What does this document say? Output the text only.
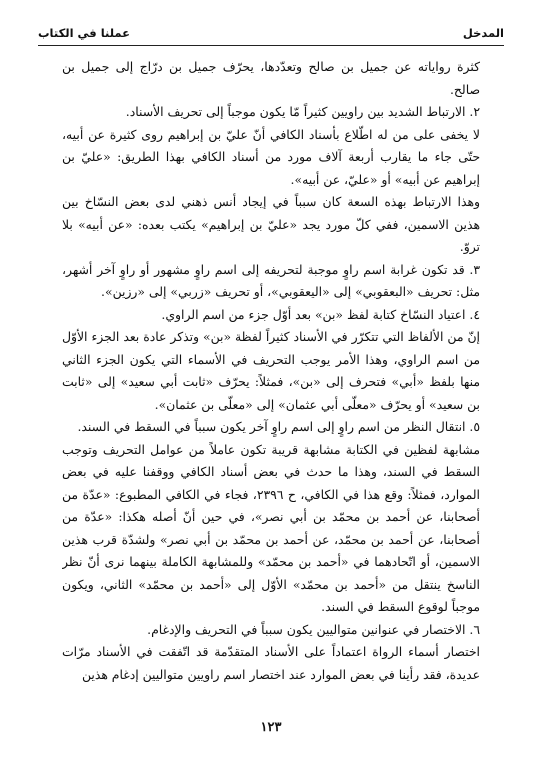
المدخل
عملنا في الكتاب

كثرة رواياته عن جميل بن صالح وتعدّدها، يحرّف جميل بن درّاج إلى جميل بن صالح.

٢. الارتباط الشديد بين راويين كثيراً مّا يكون موجباً إلى تحريف الأسناد.

لا يخفى على من له اطّلاع بأسناد الكافي أنّ عليّ بن إبراهيم روى كثيرة عن أبيه، حتّى جاء ما يقارب أربعة آلاف مورد من أسناد الكافي بهذا الطريق: «عليّ بن إبراهيم عن أبيه» أو «عليّ، عن أبيه».

وهذا الارتباط بهذه السعة كان سبباً في إيجاد أنس ذهني لدى بعض النسّاخ بين هذين الاسمين، ففي كلّ مورد يجد «عليّ بن إبراهيم» يكتب بعده: «عن أبيه» بلا تروّ.

٣. قد تكون غرابة اسم راوٍ موجبة لتحريفه إلى اسم راوٍ مشهور أو راوٍ آخر أشهر، مثل: تحريف «البعقوبي» إلى «اليعقوبي»، أو تحريف «زربي» إلى «رزين».

٤. اعتياد النسّاخ كتابة لفظ «بن» بعد أوّل جزء من اسم الراوي.

إنّ من الألفاظ التي تتكرّر في الأسناد كثيراً لفظة «بن» وتذكر عادة بعد الجزء الأوّل من اسم الراوي، وهذا الأمر يوجب التحريف في الأسماء التي يكون الجزء الثاني منها بلفظ «أبي» فتحرف إلى «بن»، فمثلاً: يحرّف «ثابت أبي سعيد» إلى «ثابت بن سعيد» أو يحرّف «معلّى أبي عثمان» إلى «معلّى بن عثمان».

٥. انتقال النظر من اسم راوٍ إلى اسم راوٍ آخر يكون سبباً في السقط في السند.

مشابهة لفظين في الكتابة مشابهة قريبة تكون عاملاً من عوامل التحريف وتوجب السقط في السند، وهذا ما حدث في بعض أسناد الكافي ووقفنا عليه في بعض الموارد، فمثلاً: وقع هذا في الكافي، ح ٢٣٩٦، فجاء في الكافي المطبوع: «عدّة من أصحابنا، عن أحمد بن محمّد بن أبي نصر»، في حين أنّ أصله هكذا: «عدّة من أصحابنا، عن أحمد بن محمّد، عن أحمد بن محمّد بن أبي نصر» ولشدّة قرب هذين الاسمين، أو اتّحادهما في «أحمد بن محمّد» وللمشابهة الكاملة بينهما نرى أنّ نظر الناسخ ينتقل من «أحمد بن محمّد» الأوّل إلى «أحمد بن محمّد» الثاني، ويكون موجباً لوقوع السقط في السند.

٦. الاختصار في عنوانين متواليين يكون سبباً في التحريف والإدغام.

اختصار أسماء الرواة اعتماداً على الأسناد المتقدّمة قد اتّفقت في الأسناد مرّات عديدة، فقد رأينا في بعض الموارد عند اختصار اسم راويين متواليين إدغام هذين

١٢٣
